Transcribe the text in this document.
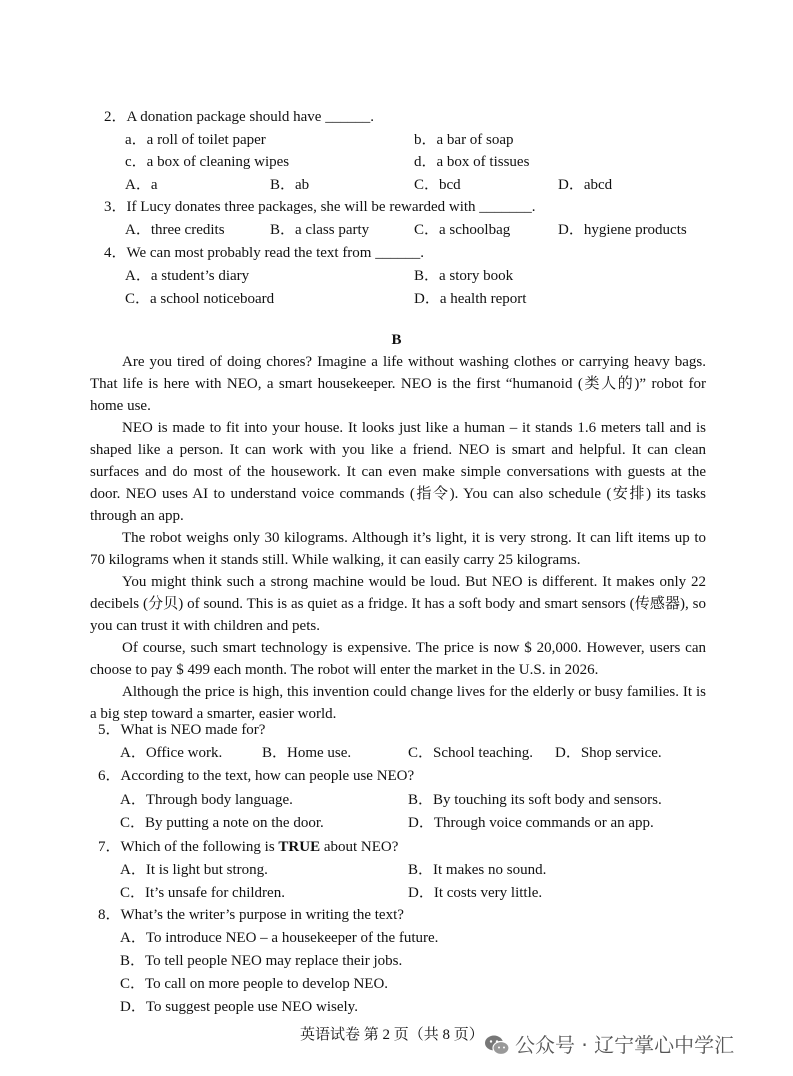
2．A donation package should have ______.
a．a roll of toilet paper	b．a bar of soap
c．a box of cleaning wipes	d．a box of tissues
A．a	B．ab	C．bcd	D．abcd
3．If Lucy donates three packages, she will be rewarded with _______.
A．three credits	B．a class party	C．a schoolbag	D．hygiene products
4．We can most probably read the text from ______.
A．a student’s diary	B．a story book
C．a school noticeboard	D．a health report
B

Are you tired of doing chores? Imagine a life without washing clothes or carrying heavy bags. That life is here with NEO, a smart housekeeper. NEO is the first “humanoid (类人的)” robot for home use.

NEO is made to fit into your house. It looks just like a human – it stands 1.6 meters tall and is shaped like a person. It can work with you like a friend. NEO is smart and helpful. It can clean surfaces and do most of the housework. It can even make simple conversations with guests at the door. NEO uses AI to understand voice commands (指令). You can also schedule (安排) its tasks through an app.

The robot weighs only 30 kilograms. Although it’s light, it is very strong. It can lift items up to 70 kilograms when it stands still. While walking, it can easily carry 25 kilograms.

You might think such a strong machine would be loud. But NEO is different. It makes only 22 decibels (分贝) of sound. This is as quiet as a fridge. It has a soft body and smart sensors (传感器), so you can trust it with children and pets.

Of course, such smart technology is expensive. The price is now $ 20,000. However, users can choose to pay $ 499 each month. The robot will enter the market in the U.S. in 2026.

Although the price is high, this invention could change lives for the elderly or busy families. It is a big step toward a smarter, easier world.

5．What is NEO made for?
A．Office work.	B．Home use.	C．School teaching. D．Shop service.
6．According to the text, how can people use NEO?
A．Through body language.	B．By touching its soft body and sensors.
C．By putting a note on the door.	D．Through voice commands or an app.
7．Which of the following is TRUE about NEO?
A．It is light but strong.	B．It makes no sound.
C．It’s unsafe for children.	D．It costs very little.
8．What’s the writer’s purpose in writing the text?
A．To introduce NEO – a housekeeper of the future.
B．To tell people NEO may replace their jobs.
C．To call on more people to develop NEO.
D．To suggest people use NEO wisely.
英语试卷 第 2 页（共 8 页） 公众号 · 辽宁掌心中学汇
